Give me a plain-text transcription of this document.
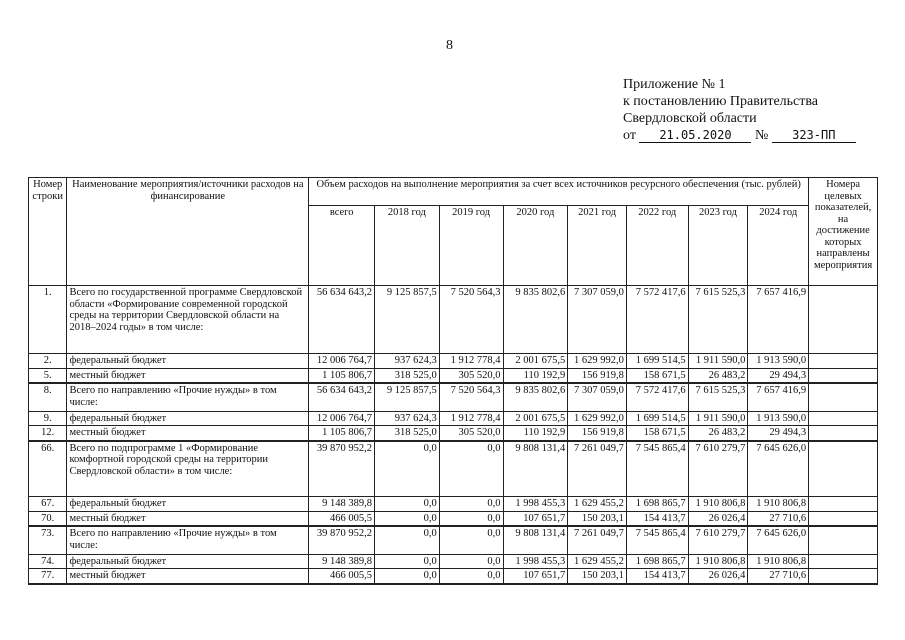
8
Приложение № 1
к постановлению Правительства
Свердловской области
от 21.05.2020 № 323-ПП
Номер строки	Наименование мероприятия/источники расходов на финансирование	Объем расходов на выполнение мероприятия за счет всех источников ресурсного обеспечения (тыс. рублей)								Номера целевых показателей, на достижение которых направлены мероприятия
		всего	2018 год	2019 год	2020 год	2021 год	2022 год	2023 год	2024 год	
1.	Всего по государственной программе Свердловской области «Формирование современной городской среды на территории Свердловской области на 2018–2024 годы» в том числе:	56 634 643,2	9 125 857,5	7 520 564,3	9 835 802,6	7 307 059,0	7 572 417,6	7 615 525,3	7 657 416,9	
2.	федеральный бюджет	12 006 764,7	937 624,3	1 912 778,4	2 001 675,5	1 629 992,0	1 699 514,5	1 911 590,0	1 913 590,0	
5.	местный бюджет	1 105 806,7	318 525,0	305 520,0	110 192,9	156 919,8	158 671,5	26 483,2	29 494,3	
8.	Всего по направлению «Прочие нужды» в том числе:	56 634 643,2	9 125 857,5	7 520 564,3	9 835 802,6	7 307 059,0	7 572 417,6	7 615 525,3	7 657 416,9	
9.	федеральный бюджет	12 006 764,7	937 624,3	1 912 778,4	2 001 675,5	1 629 992,0	1 699 514,5	1 911 590,0	1 913 590,0	
12.	местный бюджет	1 105 806,7	318 525,0	305 520,0	110 192,9	156 919,8	158 671,5	26 483,2	29 494,3	
66.	Всего по подпрограмме 1 «Формирование комфортной городской среды на территории Свердловской области» в том числе:	39 870 952,2	0,0	0,0	9 808 131,4	7 261 049,7	7 545 865,4	7 610 279,7	7 645 626,0	
67.	федеральный бюджет	9 148 389,8	0,0	0,0	1 998 455,3	1 629 455,2	1 698 865,7	1 910 806,8	1 910 806,8	
70.	местный бюджет	466 005,5	0,0	0,0	107 651,7	150 203,1	154 413,7	26 026,4	27 710,6	
73.	Всего по направлению «Прочие нужды» в том числе:	39 870 952,2	0,0	0,0	9 808 131,4	7 261 049,7	7 545 865,4	7 610 279,7	7 645 626,0	
74.	федеральный бюджет	9 148 389,8	0,0	0,0	1 998 455,3	1 629 455,2	1 698 865,7	1 910 806,8	1 910 806,8	
77.	местный бюджет	466 005,5	0,0	0,0	107 651,7	150 203,1	154 413,7	26 026,4	27 710,6	
